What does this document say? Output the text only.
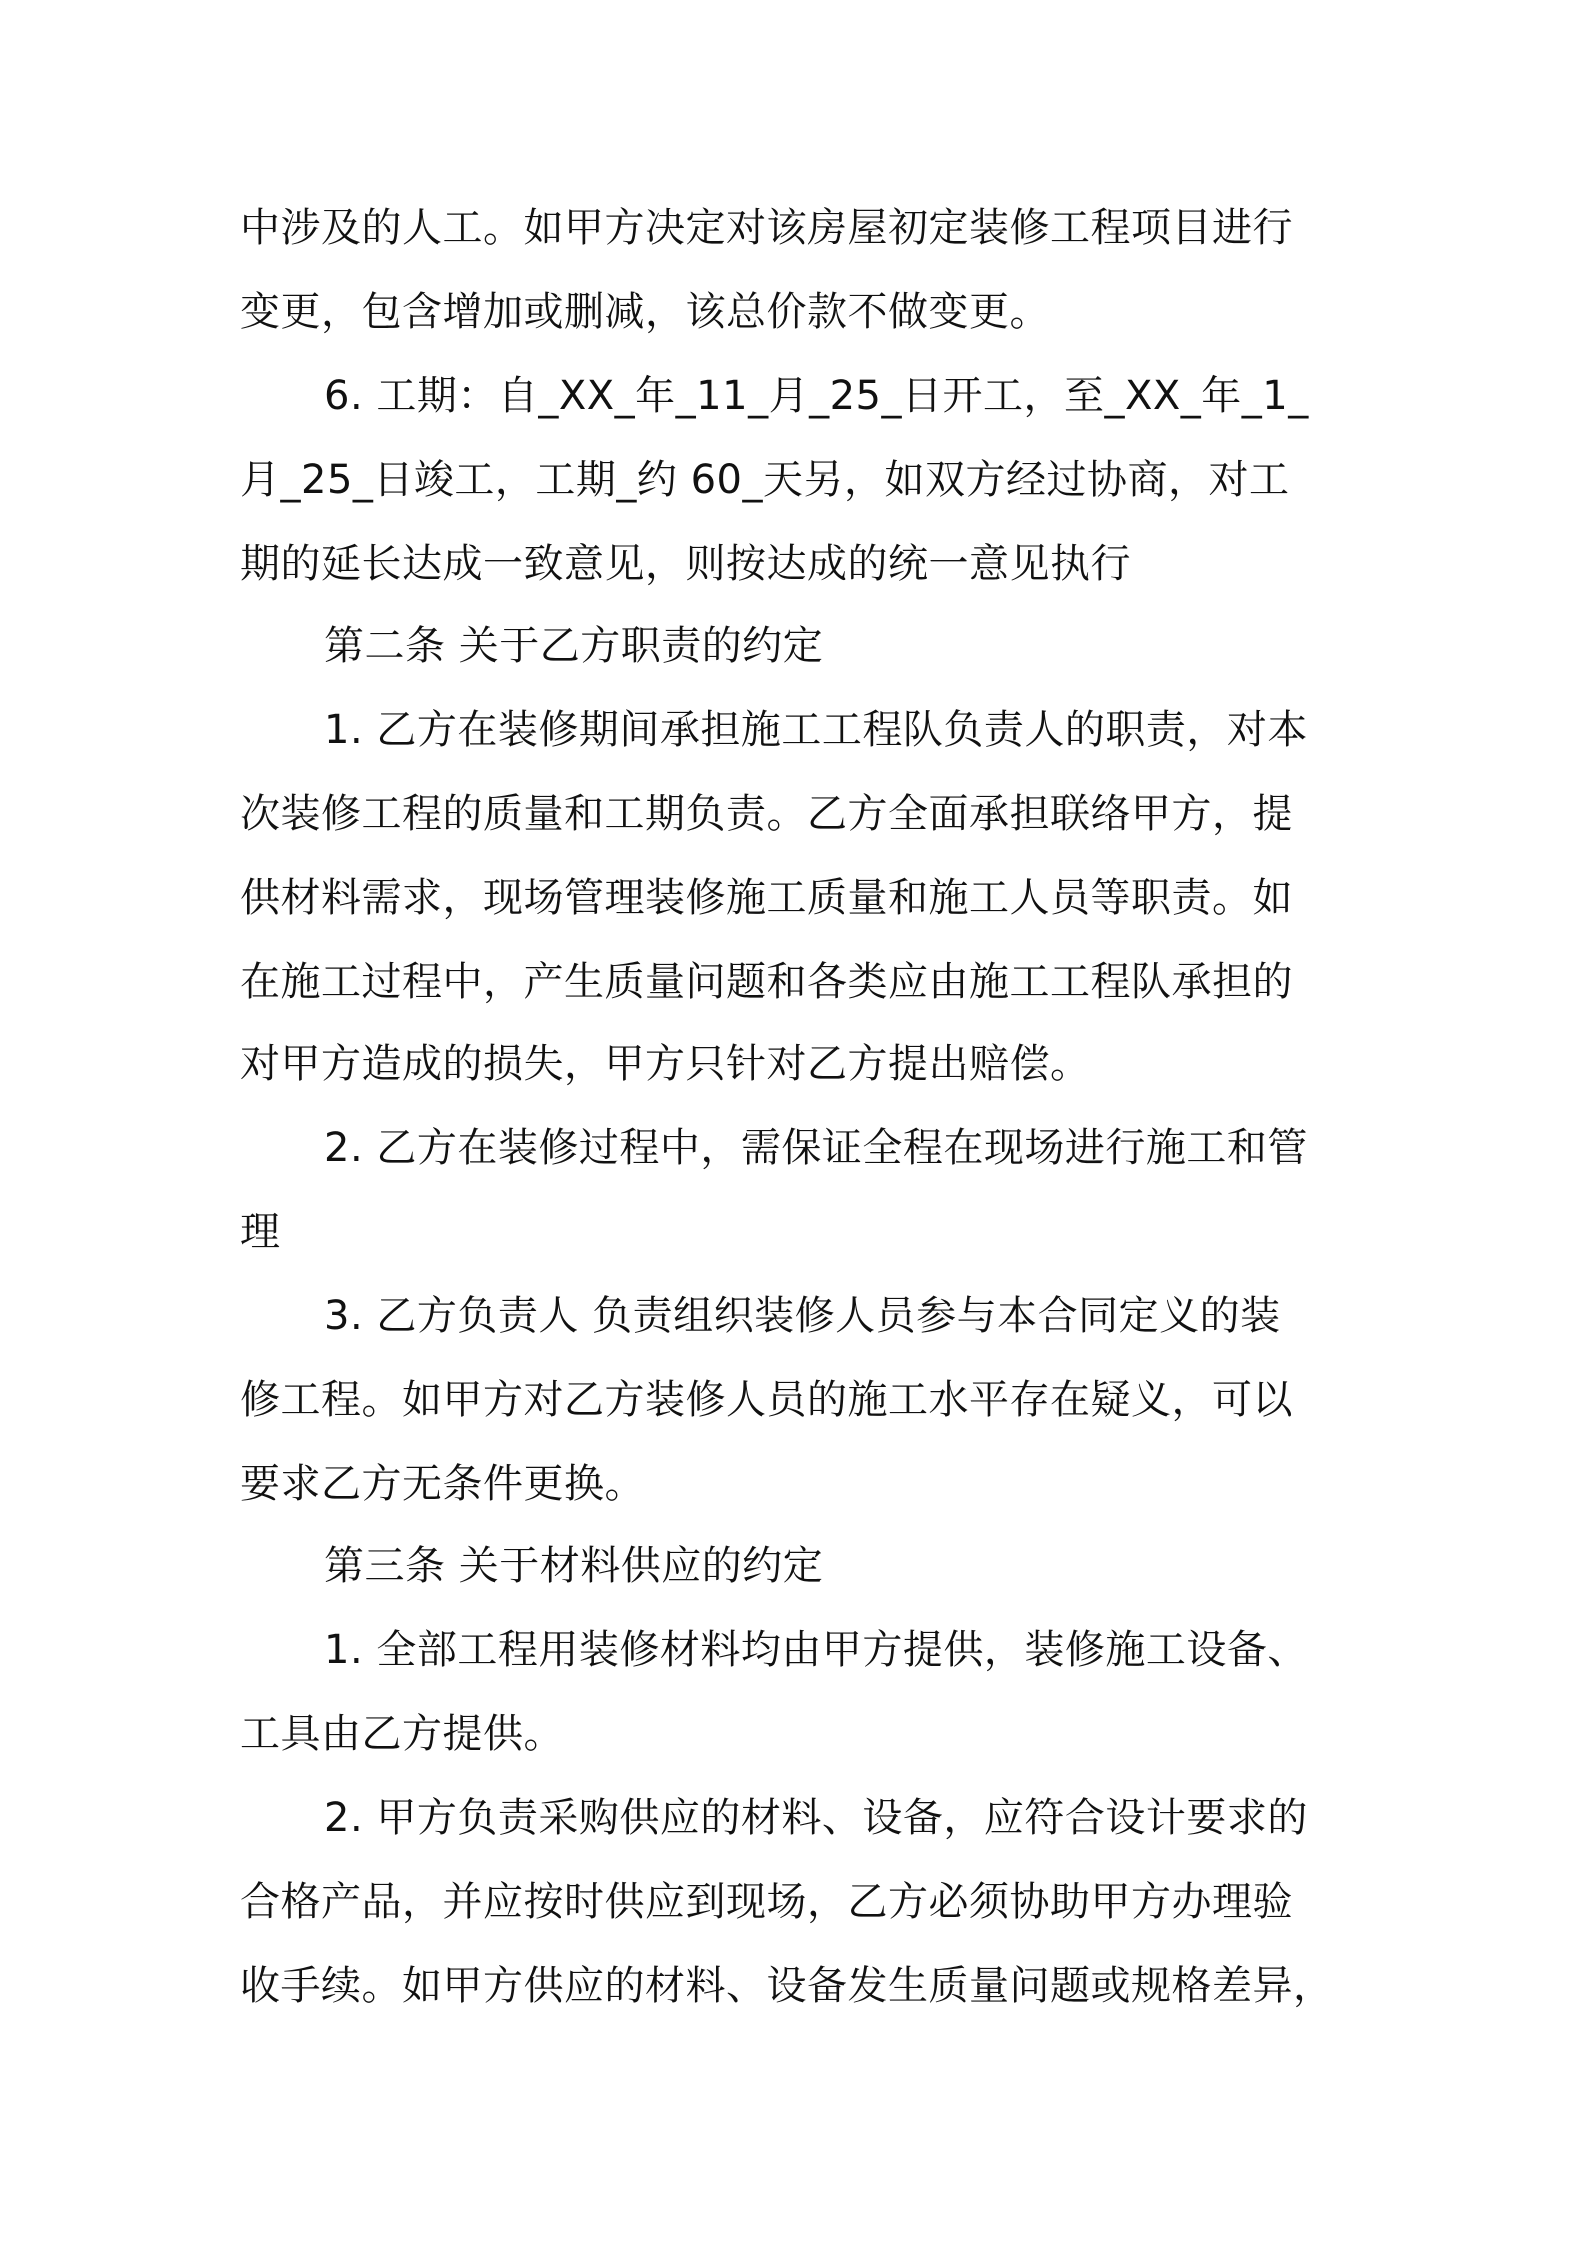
中涉及的人工。如甲方决定对该房屋初定装修工程项目进行
变更，包含增加或删减，该总价款不做变更。
6. 工期：自_XX_年_11_月_25_日开工，至_XX_年_1_
月_25_日竣工，工期_约 60_天另，如双方经过协商，对工
期的延长达成一致意见，则按达成的统一意见执行
第二条 关于乙方职责的约定
1. 乙方在装修期间承担施工工程队负责人的职责，对本
次装修工程的质量和工期负责。乙方全面承担联络甲方，提
供材料需求，现场管理装修施工质量和施工人员等职责。如
在施工过程中，产生质量问题和各类应由施工工程队承担的
对甲方造成的损失，甲方只针对乙方提出赔偿。
2. 乙方在装修过程中，需保证全程在现场进行施工和管
理
3. 乙方负责人 负责组织装修人员参与本合同定义的装
修工程。如甲方对乙方装修人员的施工水平存在疑义，可以
要求乙方无条件更换。
第三条 关于材料供应的约定
1. 全部工程用装修材料均由甲方提供，装修施工设备、
工具由乙方提供。
2. 甲方负责采购供应的材料、设备，应符合设计要求的
合格产品，并应按时供应到现场，乙方必须协助甲方办理验
收手续。如甲方供应的材料、设备发生质量问题或规格差异，
